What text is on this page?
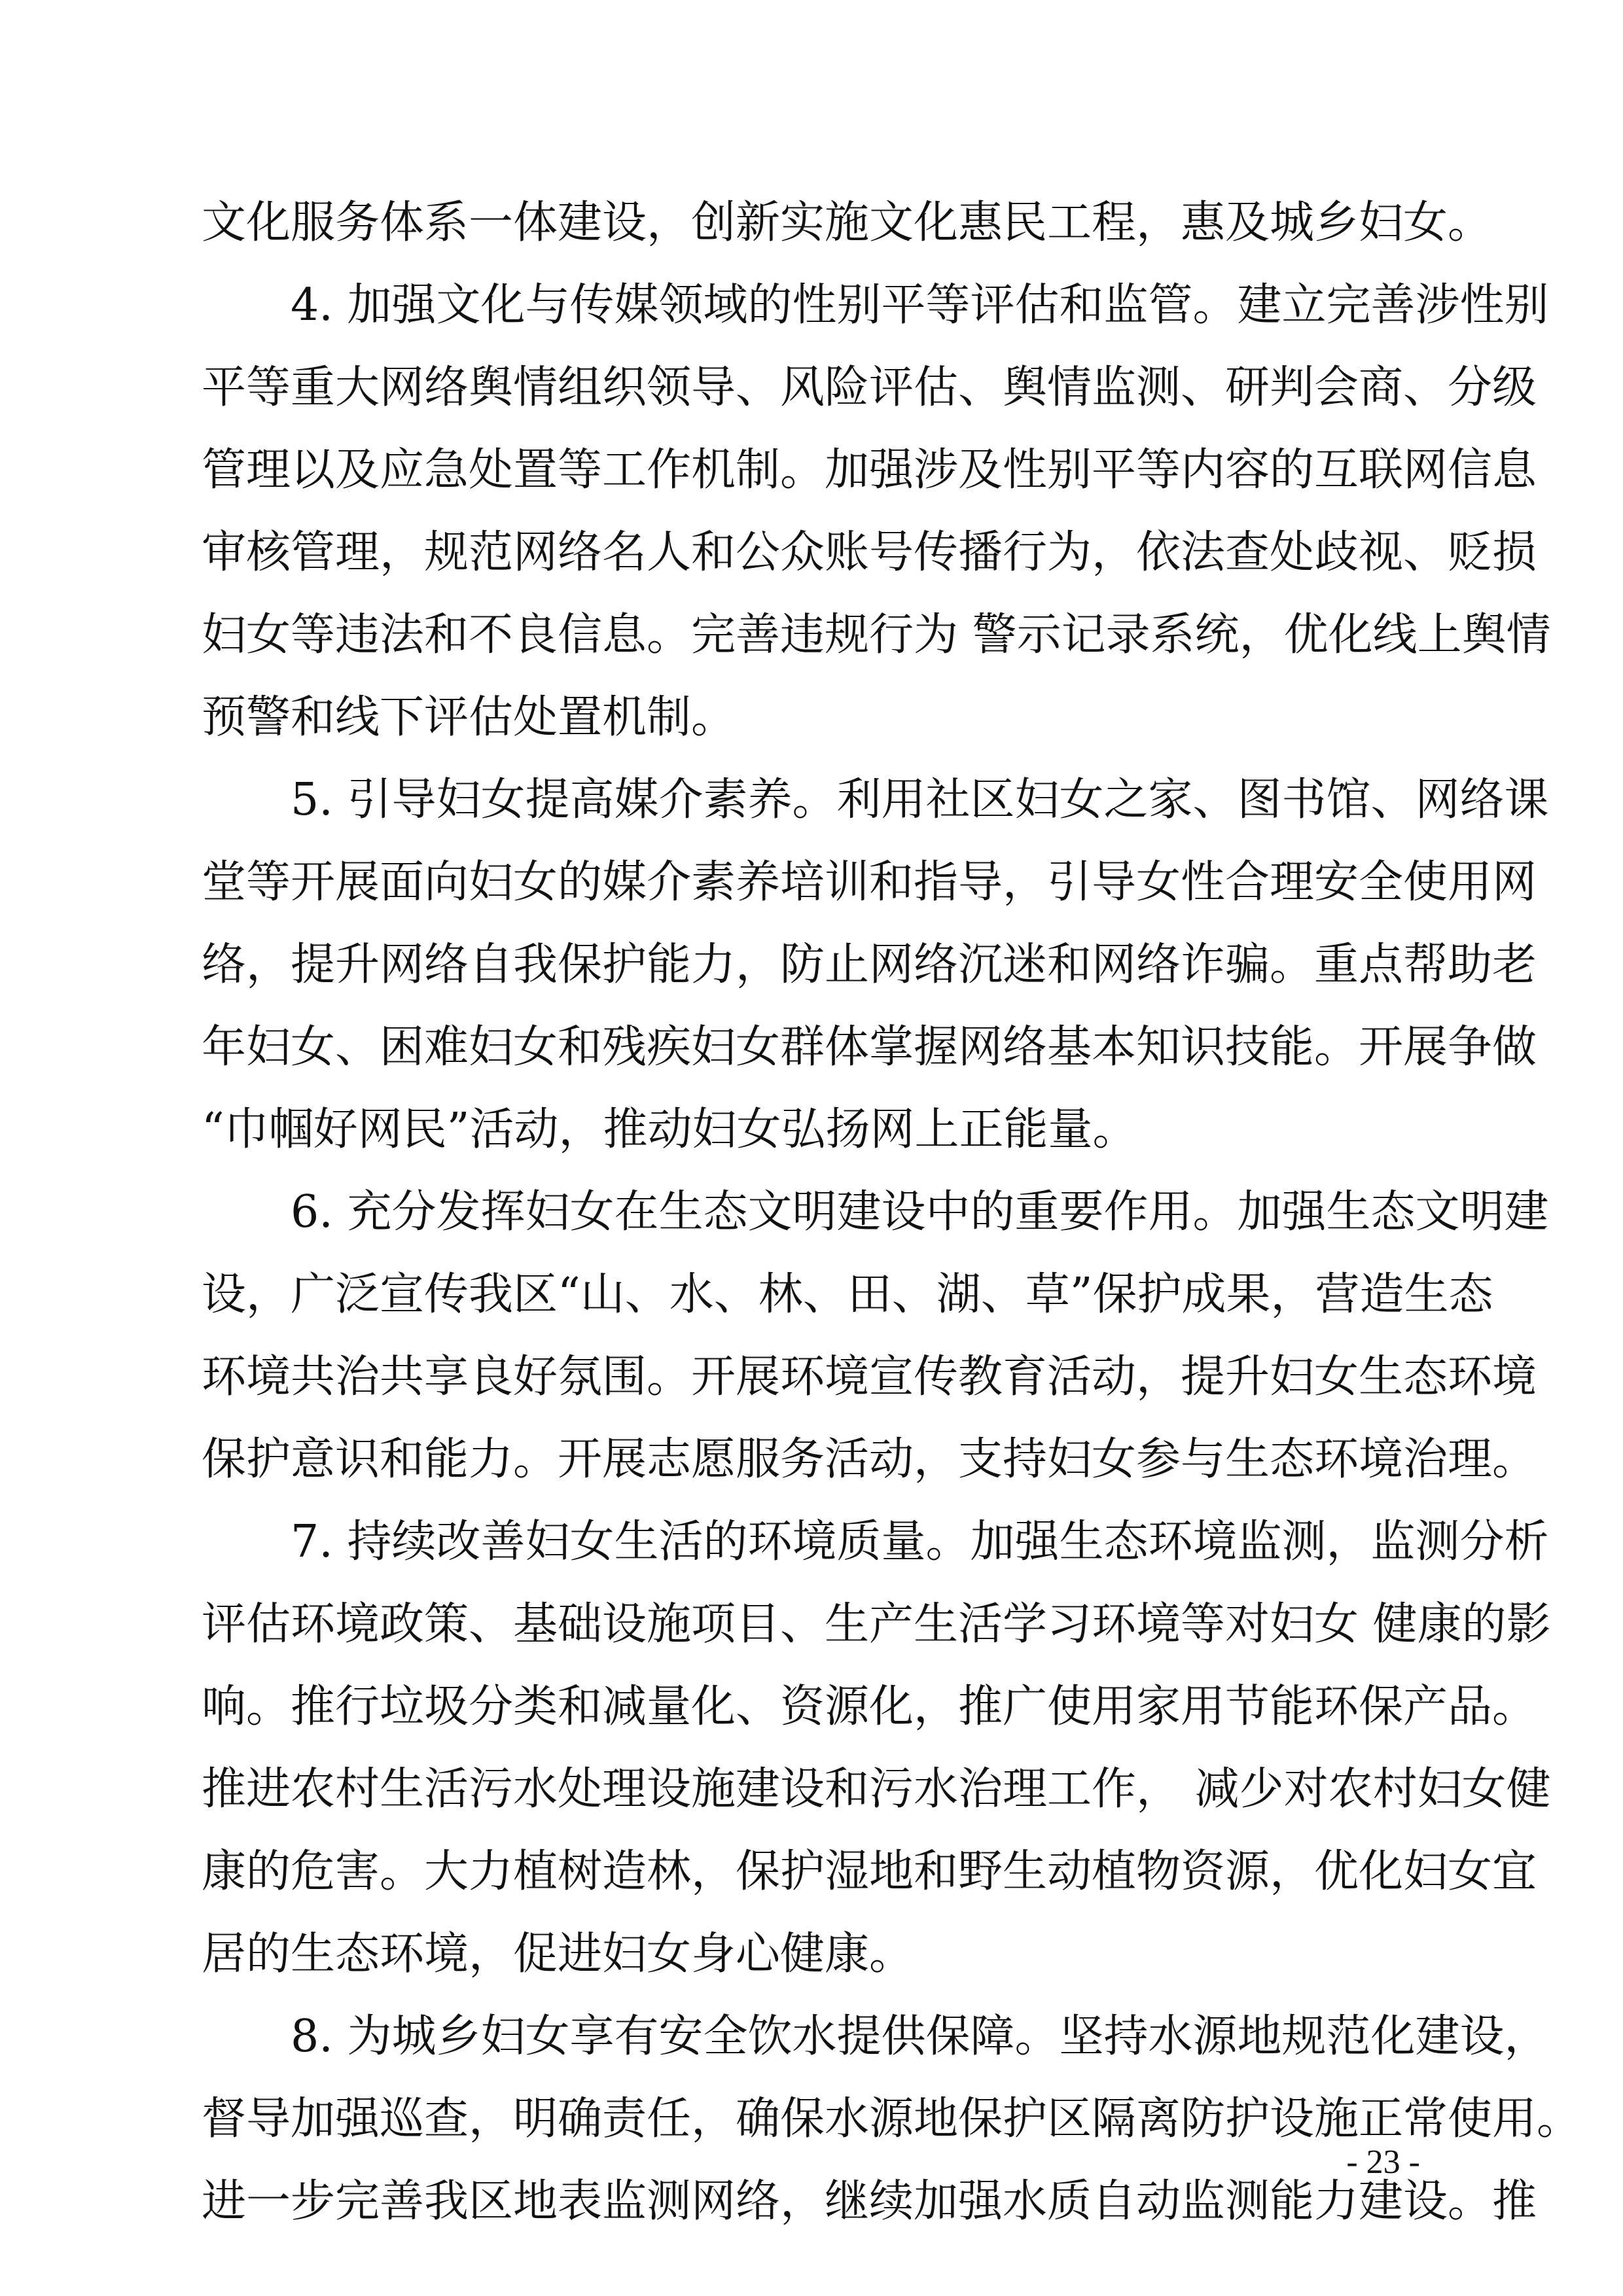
文化服务体系一体建设，创新实施文化惠民工程，惠及城乡妇女。
4. 加强文化与传媒领域的性别平等评估和监管。建立完善涉性别
平等重大网络舆情组织领导、风险评估、舆情监测、研判会商、分级
管理以及应急处置等工作机制。加强涉及性别平等内容的互联网信息
审核管理，规范网络名人和公众账号传播行为，依法查处歧视、贬损
妇女等违法和不良信息。完善违规行为 警示记录系统，优化线上舆情
预警和线下评估处置机制。
5. 引导妇女提高媒介素养。利用社区妇女之家、图书馆、网络课
堂等开展面向妇女的媒介素养培训和指导，引导女性合理安全使用网
络，提升网络自我保护能力，防止网络沉迷和网络诈骗。重点帮助老
年妇女、困难妇女和残疾妇女群体掌握网络基本知识技能。开展争做
“巾帼好网民”活动，推动妇女弘扬网上正能量。
6. 充分发挥妇女在生态文明建设中的重要作用。加强生态文明建
设，广泛宣传我区“山、水、林、田、湖、草”保护成果，营造生态
环境共治共享良好氛围。开展环境宣传教育活动，提升妇女生态环境
保护意识和能力。开展志愿服务活动，支持妇女参与生态环境治理。
7. 持续改善妇女生活的环境质量。加强生态环境监测，监测分析
评估环境政策、基础设施项目、生产生活学习环境等对妇女 健康的影
响。推行垃圾分类和减量化、资源化，推广使用家用节能环保产品。
推进农村生活污水处理设施建设和污水治理工作， 减少对农村妇女健
康的危害。大力植树造林，保护湿地和野生动植物资源，优化妇女宜
居的生态环境，促进妇女身心健康。
8. 为城乡妇女享有安全饮水提供保障。坚持水源地规范化建设，
督导加强巡查，明确责任，确保水源地保护区隔离防护设施正常使用。
进一步完善我区地表监测网络，继续加强水质自动监测能力建设。推
- 23 -
